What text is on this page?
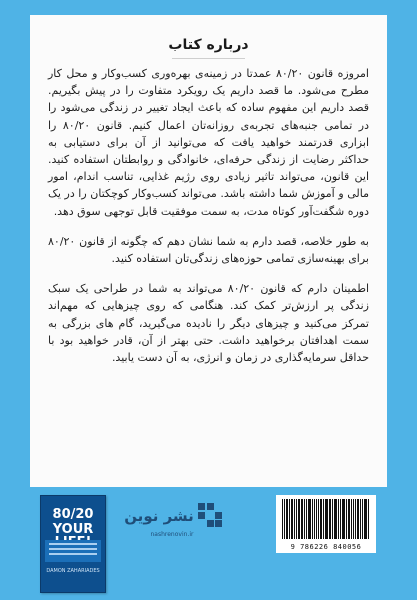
درباره کتاب

امروزه قانون ۸۰/۲۰ عمدتا در زمینه‌ی بهره‌وری کسب‌وکار و محل کار مطرح می‌شود. ما قصد داریم یک رویکرد متفاوت را در پیش بگیریم. قصد داریم این مفهوم ساده که باعث ایجاد تغییر در زندگی می‌شود را در تمامی جنبه‌های تجربه‌ی روزانه‌تان اعمال کنیم. قانون ۸۰/۲۰ را ابزاری قدرتمند خواهید یافت که می‌توانید از آن برای دستیابی به حداکثر رضایت از زندگی حرفه‌ای، خانوادگی و روابطتان استفاده کنید. این قانون، می‌تواند تاثیر زیادی روی رژیم غذایی، تناسب اندام، امور مالی و آموزش شما داشته باشد. می‌تواند کسب‌وکار کوچکتان را در یک دوره شگفت‌آور کوتاه مدت، به سمت موفقیت قابل توجهی سوق دهد.

به طور خلاصه، قصد دارم به شما نشان دهم که چگونه از قانون ۸۰/۲۰ برای بهینه‌سازی تمامی حوزه‌های زندگی‌تان استفاده کنید.

اطمینان دارم که قانون ۸۰/۲۰ می‌تواند به شما در طراحی یک سبک زندگی پر ارزش‌تر کمک کند. هنگامی که روی چیزهایی که مهم‌اند تمرکز می‌کنید و چیزهای دیگر را نادیده می‌گیرید، گام های بزرگی به سمت اهدافتان برخواهید داشت. حتی بهتر از آن، قادر خواهید بود با حداقل سرمایه‌گذاری در زمان و انرژی، به آن دست یابید.

80/20
YOUR
DAMON ZAHARIADES
نشر نوین
nashrenovin.ir
9 786226 840056
